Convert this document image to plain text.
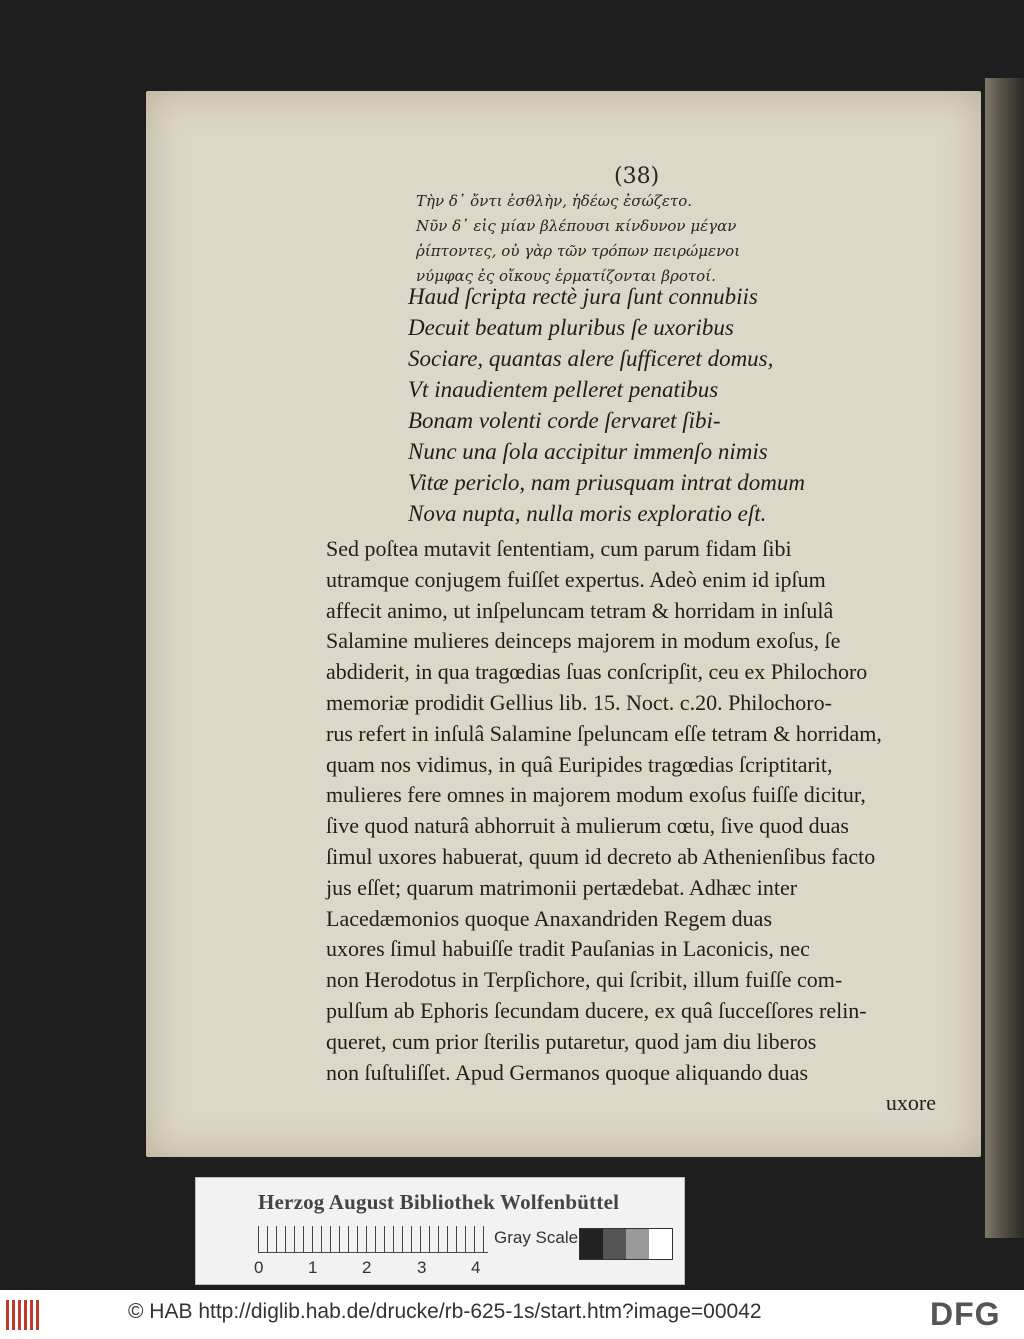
(38)
Τὴν δ᾽ ὄντι ἐσθλὴν, ἡδέως ἐσώζετο.
Νῦν δ᾽ εἰς μίαν βλέπουσι κίνδυνον μέγαν
ῥίπτοντες, οὐ γὰρ τῶν τρόπων πειρώμενοι
νύμφας ἐς οἴκους ἑρματίζονται βροτοί.
Haud ſcripta rectè jura ſunt connubiis
Decuit beatum pluribus ſe uxoribus
Sociare, quantas alere ſufficeret domus,
Vt inaudientem pelleret penatibus
Bonam volenti corde ſervaret ſibi-
Nunc una ſola accipitur immenſo nimis
Vitæ periclo, nam priusquam intrat domum
Nova nupta, nulla moris exploratio eſt.
Sed poſtea mutavit ſententiam, cum parum fidam ſibi
utramque conjugem fuiſſet expertus. Adeò enim id ipſum
affecit animo, ut inſpeluncam tetram & horridam in inſulâ
Salamine mulieres deinceps majorem in modum exoſus, ſe
abdiderit, in qua tragœdias ſuas conſcripſit, ceu ex Philochoro
memoriæ prodidit Gellius lib. 15. Noct. c.20. Philochoro-
rus refert in inſulâ Salamine ſpeluncam eſſe tetram & horridam,
quam nos vidimus, in quâ Euripides tragœdias ſcriptitarit,
mulieres fere omnes in majorem modum exoſus fuiſſe dicitur,
ſive quod naturâ abhorruit à mulierum cœtu, ſive quod duas
ſimul uxores habuerat, quum id decreto ab Athenienſibus facto
jus eſſet; quarum matrimonii pertædebat. Adhæc inter
Lacedæmonios quoque Anaxandriden Regem duas
uxores ſimul habuiſſe tradit Pauſanias in Laconicis, nec
non Herodotus in Terpſichore, qui ſcribit, illum fuiſſe com-
pulſum ab Ephoris ſecundam ducere, ex quâ ſucceſſores relin-
queret, cum prior ſterilis putaretur, quod jam diu liberos
non ſuſtuliſſet. Apud Germanos quoque aliquando duas
uxore
Herzog August Bibliothek Wolfenbüttel
0	1	2	3	4
Gray Scale
© HAB http://diglib.hab.de/drucke/rb-625-1s/start.htm?image=00042	DFG
